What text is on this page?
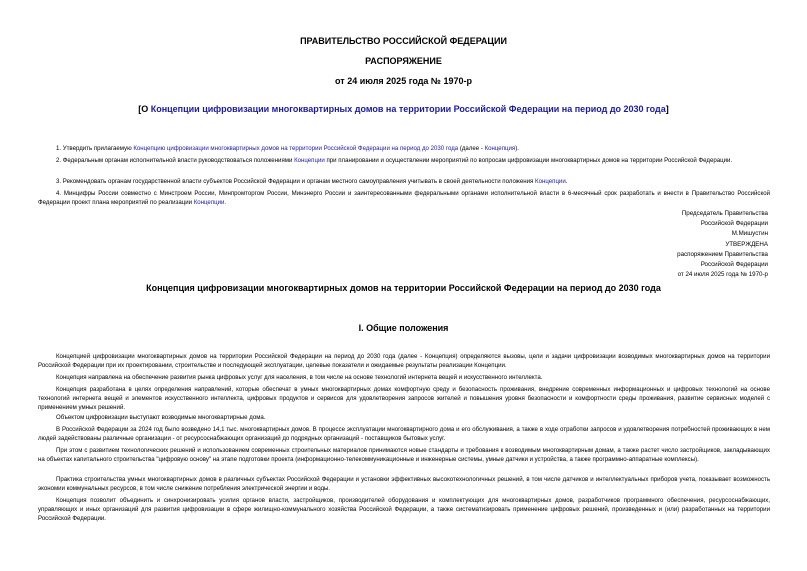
ПРАВИТЕЛЬСТВО РОССИЙСКОЙ ФЕДЕРАЦИИ
РАСПОРЯЖЕНИЕ
от 24 июля 2025 года № 1970-р
[О Концепции цифровизации многоквартирных домов на территории Российской Федерации на период до 2030 года]
1. Утвердить прилагаемую Концепцию цифровизации многоквартирных домов на территории Российской Федерации на период до 2030 года (далее - Концепция).
2. Федеральным органам исполнительной власти руководствоваться положениями Концепции при планировании и осуществлении мероприятий по вопросам цифровизации многоквартирных домов на территории Российской Федерации.
3. Рекомендовать органам государственной власти субъектов Российской Федерации и органам местного самоуправления учитывать в своей деятельности положения Концепции.
4. Минцифры России совместно с Минстроем России, Минпромторгом России, Минэнерго России и заинтересованными федеральными органами исполнительной власти в 6-месячный срок разработать и внести в Правительство Российской Федерации проект плана мероприятий по реализации Концепции.
Председатель Правительства
Российской Федерации
М.Мишустин
УТВЕРЖДЕНА
распоряжением Правительства
Российской Федерации
от 24 июля 2025 года № 1970-р
Концепция цифровизации многоквартирных домов на территории Российской Федерации на период до 2030 года
I. Общие положения
Концепцией цифровизации многоквартирных домов на территории Российской Федерации на период до 2030 года (далее - Концепция) определяются вызовы, цели и задачи цифровизации возводимых многоквартирных домов на территории Российской Федерации при их проектировании, строительстве и последующей эксплуатации, целевые показатели и ожидаемые результаты реализации Концепции.
Концепция направлена на обеспечение развития рынка цифровых услуг для населения, в том числе на основе технологий интернета вещей и искусственного интеллекта.
Концепция разработана в целях определения направлений, которые обеспечат в умных многоквартирных домах комфортную среду и безопасность проживания, внедрение современных информационных и цифровых технологий на основе технологий интернета вещей и элементов искусственного интеллекта, цифровых продуктов и сервисов для удовлетворения запросов жителей и повышения уровня безопасности и комфортности среды проживания, развитие сервисных моделей с применением умных решений.
Объектом цифровизации выступают возводимые многоквартирные дома.
В Российской Федерации за 2024 год было возведено 14,1 тыс. многоквартирных домов. В процессе эксплуатации многоквартирного дома и его обслуживания, а также в ходе отработки запросов и удовлетворения потребностей проживающих в нем людей задействованы различные организации - от ресурсоснабжающих организаций до подрядных организаций - поставщиков бытовых услуг.
При этом с развитием технологических решений и использованием современных строительных материалов принимаются новые стандарты и требования к возводимым многоквартирным домам, а также растет число застройщиков, закладывающих на объектах капитального строительства "цифровую основу" на этапе подготовки проекта (информационно-телекоммуникационные и инженерные системы, умные датчики и устройства, а также программно-аппаратные комплексы).
Практика строительства умных многоквартирных домов в различных субъектах Российской Федерации и установки эффективных высокотехнологичных решений, в том числе датчиков и интеллектуальных приборов учета, показывает возможность экономии коммунальных ресурсов, в том числе снижение потребления электрической энергии и воды.
Концепция позволит объединить и синхронизировать усилия органов власти, застройщиков, производителей оборудования и комплектующих для многоквартирных домов, разработчиков программного обеспечения, ресурсоснабжающих, управляющих и иных организаций для развития цифровизации в сфере жилищно-коммунального хозяйства Российской Федерации, а также систематизировать применение цифровых решений, произведенных и (или) разработанных на территории Российской Федерации.
